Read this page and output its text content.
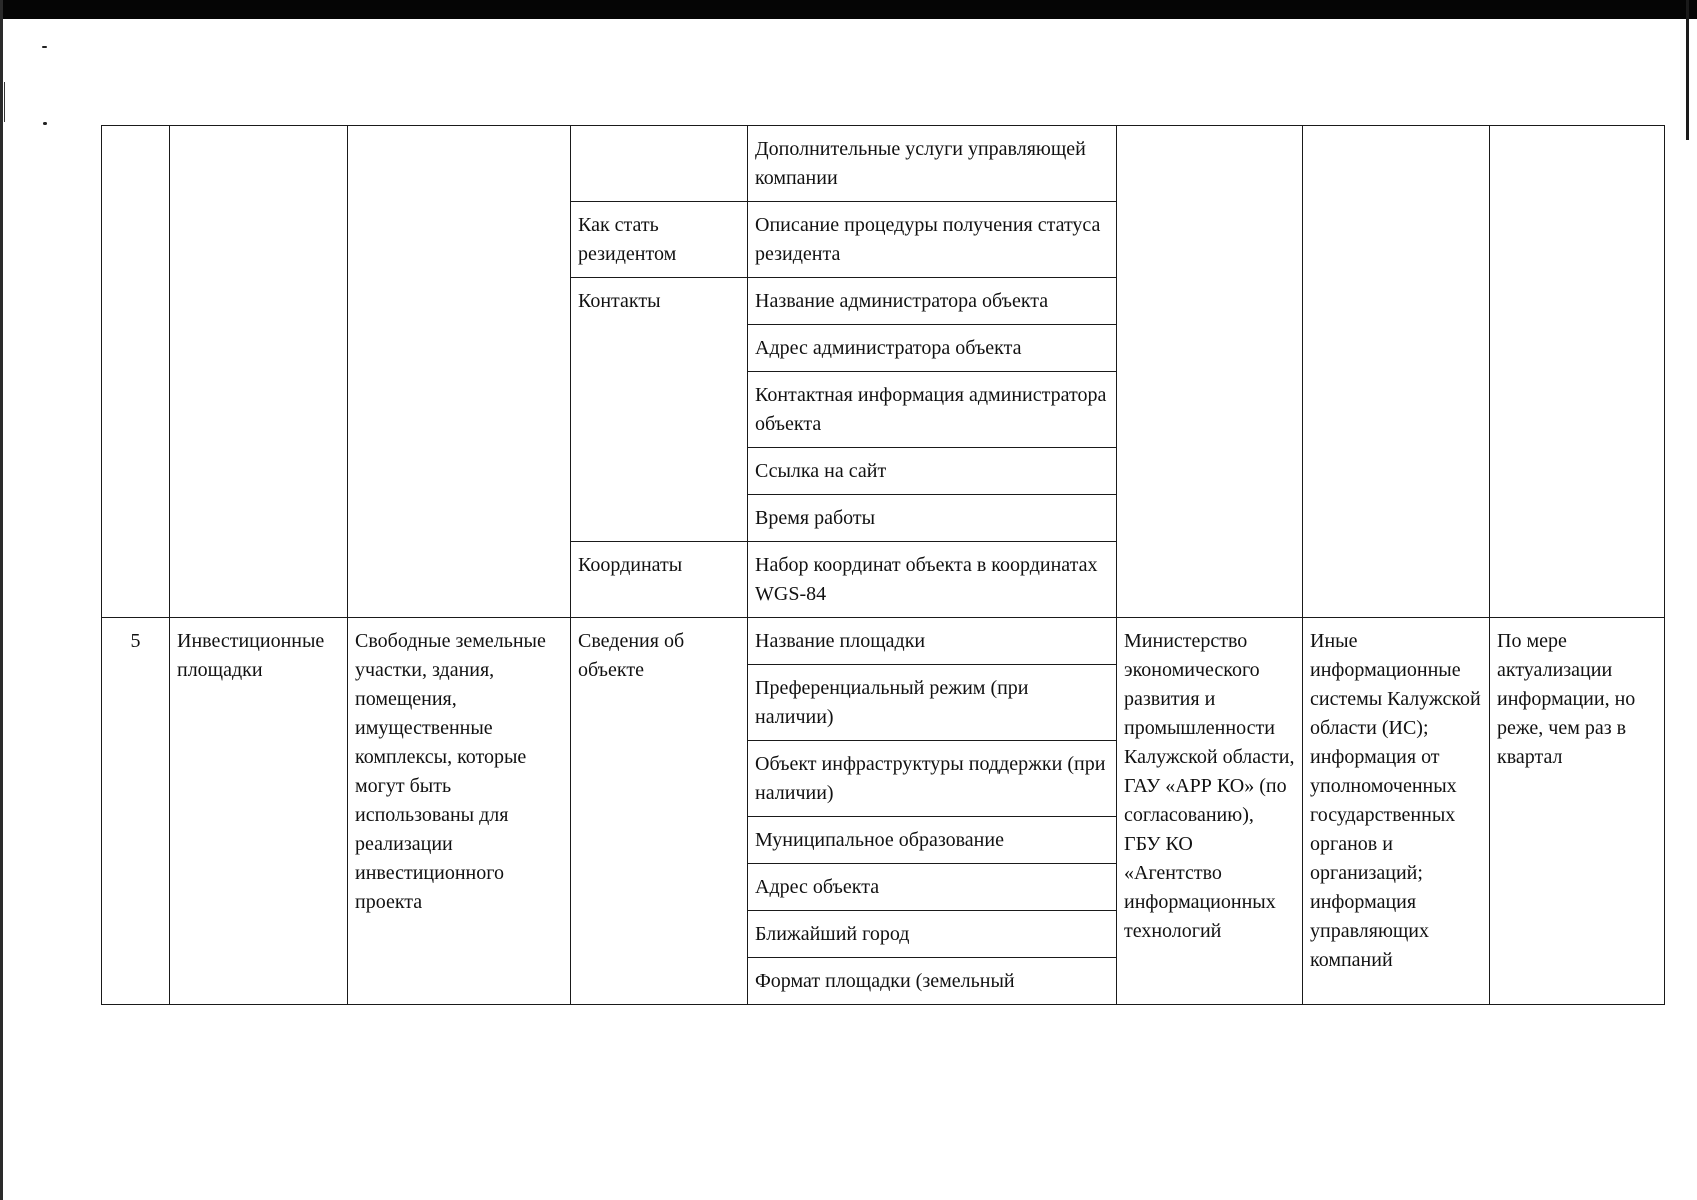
				Дополнительные услуги управляющей компании			
			Как стать резидентом	Описание процедуры получения статуса резидента			
			Контакты	Название администратора объекта			
				Адрес администратора объекта			
				Контактная информация администратора объекта			
				Ссылка на сайт			
				Время работы			
			Координаты	Набор координат объекта в координатах WGS-84			
5	Инвестиционные площадки	Свободные земельные участки, здания, помещения, имущественные комплексы, которые могут быть использованы для реализации инвестиционного проекта	Сведения об объекте	Название площадки	Министерство экономического развития и промышленности Калужской области, ГАУ «АРР КО» (по согласованию), ГБУ КО «Агентство информационных технологий	Иные информационные системы Калужской области (ИС); информация от уполномоченных государственных органов и организаций; информация управляющих компаний	По мере актуализации информации, но реже, чем раз в квартал
				Преференциальный режим (при наличии)			
				Объект инфраструктуры поддержки (при наличии)			
				Муниципальное образование			
				Адрес объекта			
				Ближайший город			
				Формат площадки (земельный			
